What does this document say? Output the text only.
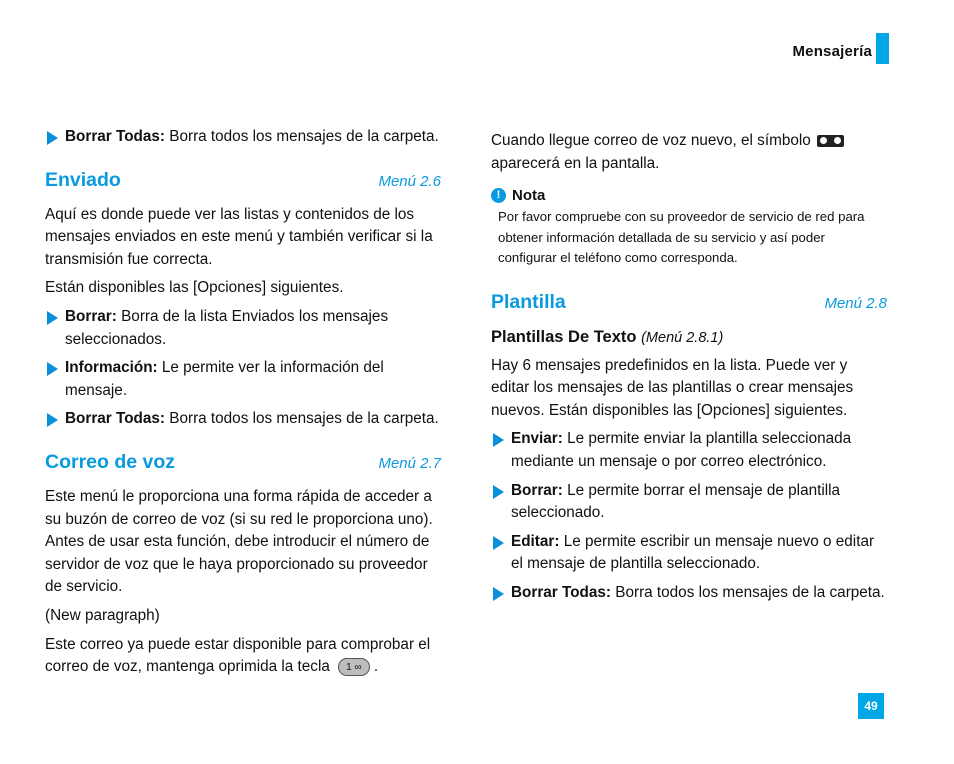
Mensajería
Borrar Todas: Borra todos los mensajes de la carpeta.
Enviado	Menú 2.6

Aquí es donde puede ver las listas y contenidos de los mensajes enviados en este menú y también verificar si la transmisión fue correcta.

Están disponibles las [Opciones] siguientes.

Borrar: Borra de la lista Enviados los mensajes seleccionados.
Información: Le permite ver la información del mensaje.
Borrar Todas: Borra todos los mensajes de la carpeta.
Correo de voz	Menú 2.7

Este menú le proporciona una forma rápida de acceder a su buzón de correo de voz (si su red le proporciona uno). Antes de usar esta función, debe introducir el número de servidor de voz que le haya proporcionado su proveedor de servicio.

(New paragraph)

Este correo ya puede estar disponible para comprobar el correo de voz, mantenga oprimida la tecla 1 ∞ .

Cuando llegue correo de voz nuevo, el símbolo

aparecerá en la pantalla.

! Nota
Por favor compruebe con su proveedor de servicio de red para obtener información detallada de su servicio y así poder configurar el teléfono como corresponda.
Plantilla	Menú 2.8
Plantillas De Texto (Menú 2.8.1)

Hay 6 mensajes predefinidos en la lista. Puede ver y editar los mensajes de las plantillas o crear mensajes nuevos. Están disponibles las [Opciones] siguientes.

Enviar: Le permite enviar la plantilla seleccionada mediante un mensaje o por correo electrónico.
Borrar: Le permite borrar el mensaje de plantilla seleccionado.
Editar: Le permite escribir un mensaje nuevo o editar el mensaje de plantilla seleccionado.
Borrar Todas: Borra todos los mensajes de la carpeta.
49
